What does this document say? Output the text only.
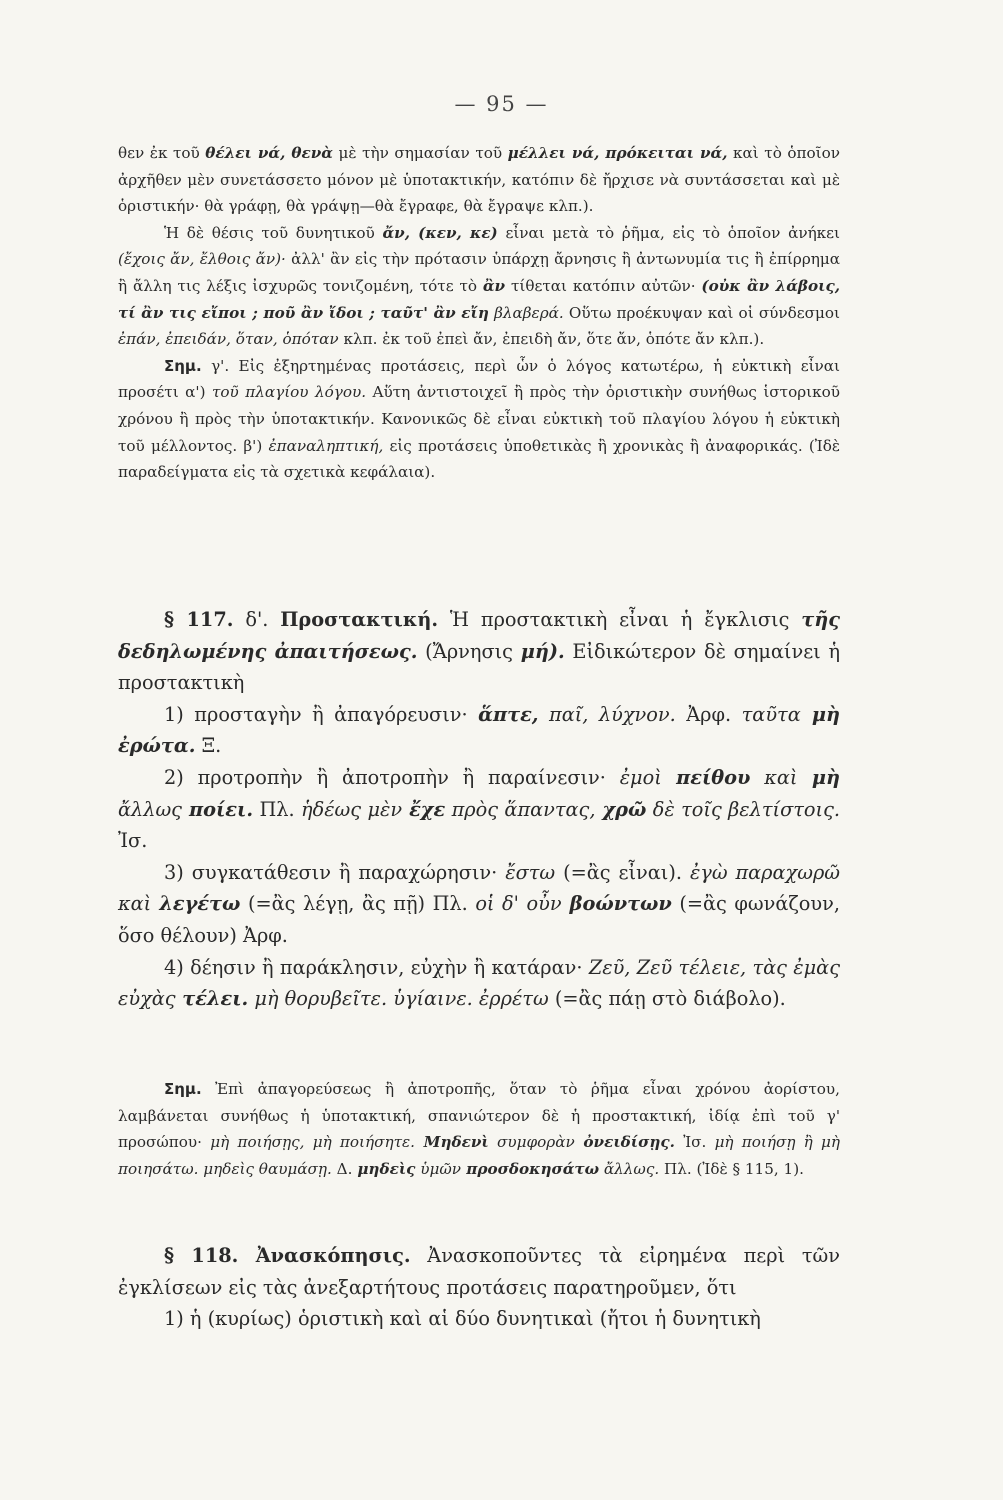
— 95 —

θεν ἐκ τοῦ θέλει νά, θενὰ μὲ τὴν σημασίαν τοῦ μέλλει νά, πρόκειται νά, καὶ τὸ ὁποῖον ἀρχῆθεν μὲν συνετάσσετο μόνον μὲ ὑποτακτικήν, κατόπιν δὲ ἤρχισε νὰ συντάσσεται καὶ μὲ ὁριστικήν· θὰ γράφῃ, θὰ γράψῃ—θὰ ἔγραφε, θὰ ἔγραψε κλπ.).

Ἡ δὲ θέσις τοῦ δυνητικοῦ ἄν, (κεν, κε) εἶναι μετὰ τὸ ῥῆμα, εἰς τὸ ὁποῖον ἀνήκει (ἔχοις ἄν, ἔλθοις ἄν)· ἀλλ' ἂν εἰς τὴν πρότασιν ὑπάρχῃ ἄρνησις ἢ ἀντωνυμία τις ἢ ἐπίρρημα ἢ ἄλλη τις λέξις ἰσχυρῶς τονιζομένη, τότε τὸ ἂν τίθεται κατόπιν αὐτῶν· (οὐκ ἂν λάβοις, τί ἂν τις εἴποι ; ποῦ ἂν ἴδοι ; ταῦτ' ἂν εἴη βλαβερά. Οὕτω προέκυψαν καὶ οἱ σύνδεσμοι ἐπάν, ἐπειδάν, ὅταν, ὁπόταν κλπ. ἐκ τοῦ ἐπεὶ ἄν, ἐπειδὴ ἄν, ὅτε ἄν, ὁπότε ἄν κλπ.).

Σημ. γ'. Εἰς ἐξηρτημένας προτάσεις, περὶ ὧν ὁ λόγος κατωτέρω, ἡ εὐκτικὴ εἶναι προσέτι α') τοῦ πλαγίου λόγου. Αὕτη ἀντιστοιχεῖ ἢ πρὸς τὴν ὁριστικὴν συνήθως ἱστορικοῦ χρόνου ἢ πρὸς τὴν ὑποτακτικήν. Κανονικῶς δὲ εἶναι εὐκτικὴ τοῦ πλαγίου λόγου ἡ εὐκτικὴ τοῦ μέλλοντος. β') ἐπαναληπτική, εἰς προτάσεις ὑποθετικὰς ἢ χρονικὰς ἢ ἀναφορικάς. (Ἰδὲ παραδείγματα εἰς τὰ σχετικὰ κεφάλαια).

§ 117. δ'. Προστακτική. Ἡ προστακτικὴ εἶναι ἡ ἔγκλισις τῆς δεδηλωμένης ἀπαιτήσεως. (Ἄρνησις μή). Εἰδικώτερον δὲ σημαίνει ἡ προστακτικὴ

1) προσταγὴν ἢ ἀπαγόρευσιν· ἅπτε, παῖ, λύχνον. Ἀρφ. ταῦτα μὴ ἐρώτα. Ξ.

2) προτροπὴν ἢ ἀποτροπὴν ἢ παραίνεσιν· ἐμοὶ πείθου καὶ μὴ ἄλλως ποίει. Πλ. ἡδέως μὲν ἔχε πρὸς ἅπαντας, χρῶ δὲ τοῖς βελτίστοις. Ἰσ.

3) συγκατάθεσιν ἢ παραχώρησιν· ἔστω (=ἂς εἶναι). ἐγὼ παραχωρῶ καὶ λεγέτω (=ἂς λέγῃ, ἂς πῇ) Πλ. οἱ δ' οὖν βοώντων (=ἂς φωνάζουν, ὅσο θέλουν) Ἀρφ.

4) δέησιν ἢ παράκλησιν, εὐχὴν ἢ κατάραν· Ζεῦ, Ζεῦ τέλειε, τὰς ἐμὰς εὐχὰς τέλει. μὴ θορυβεῖτε. ὑγίαινε. ἐρρέτω (=ἂς πάῃ στὸ διάβολο).

Σημ. Ἐπὶ ἀπαγορεύσεως ἢ ἀποτροπῆς, ὅταν τὸ ῥῆμα εἶναι χρόνου ἀορίστου, λαμβάνεται συνήθως ἡ ὑποτακτική, σπανιώτερον δὲ ἡ προστακτική, ἰδίᾳ ἐπὶ τοῦ γ' προσώπου· μὴ ποιήσῃς, μὴ ποιήσητε. Μηδενὶ συμφορὰν ὀνειδίσῃς. Ἰσ. μὴ ποιήσῃ ἢ μὴ ποιησάτω. μηδεὶς θαυμάσῃ. Δ. μηδεὶς ὑμῶν προσδοκησάτω ἄλλως. Πλ. (Ἰδὲ § 115, 1).

§ 118. Ἀνασκόπησις. Ἀνασκοποῦντες τὰ εἰρημένα περὶ τῶν ἐγκλίσεων εἰς τὰς ἀνεξαρτήτους προτάσεις παρατηροῦμεν, ὅτι

1) ἡ (κυρίως) ὁριστικὴ καὶ αἱ δύο δυνητικαὶ (ἤτοι ἡ δυνητικὴ
